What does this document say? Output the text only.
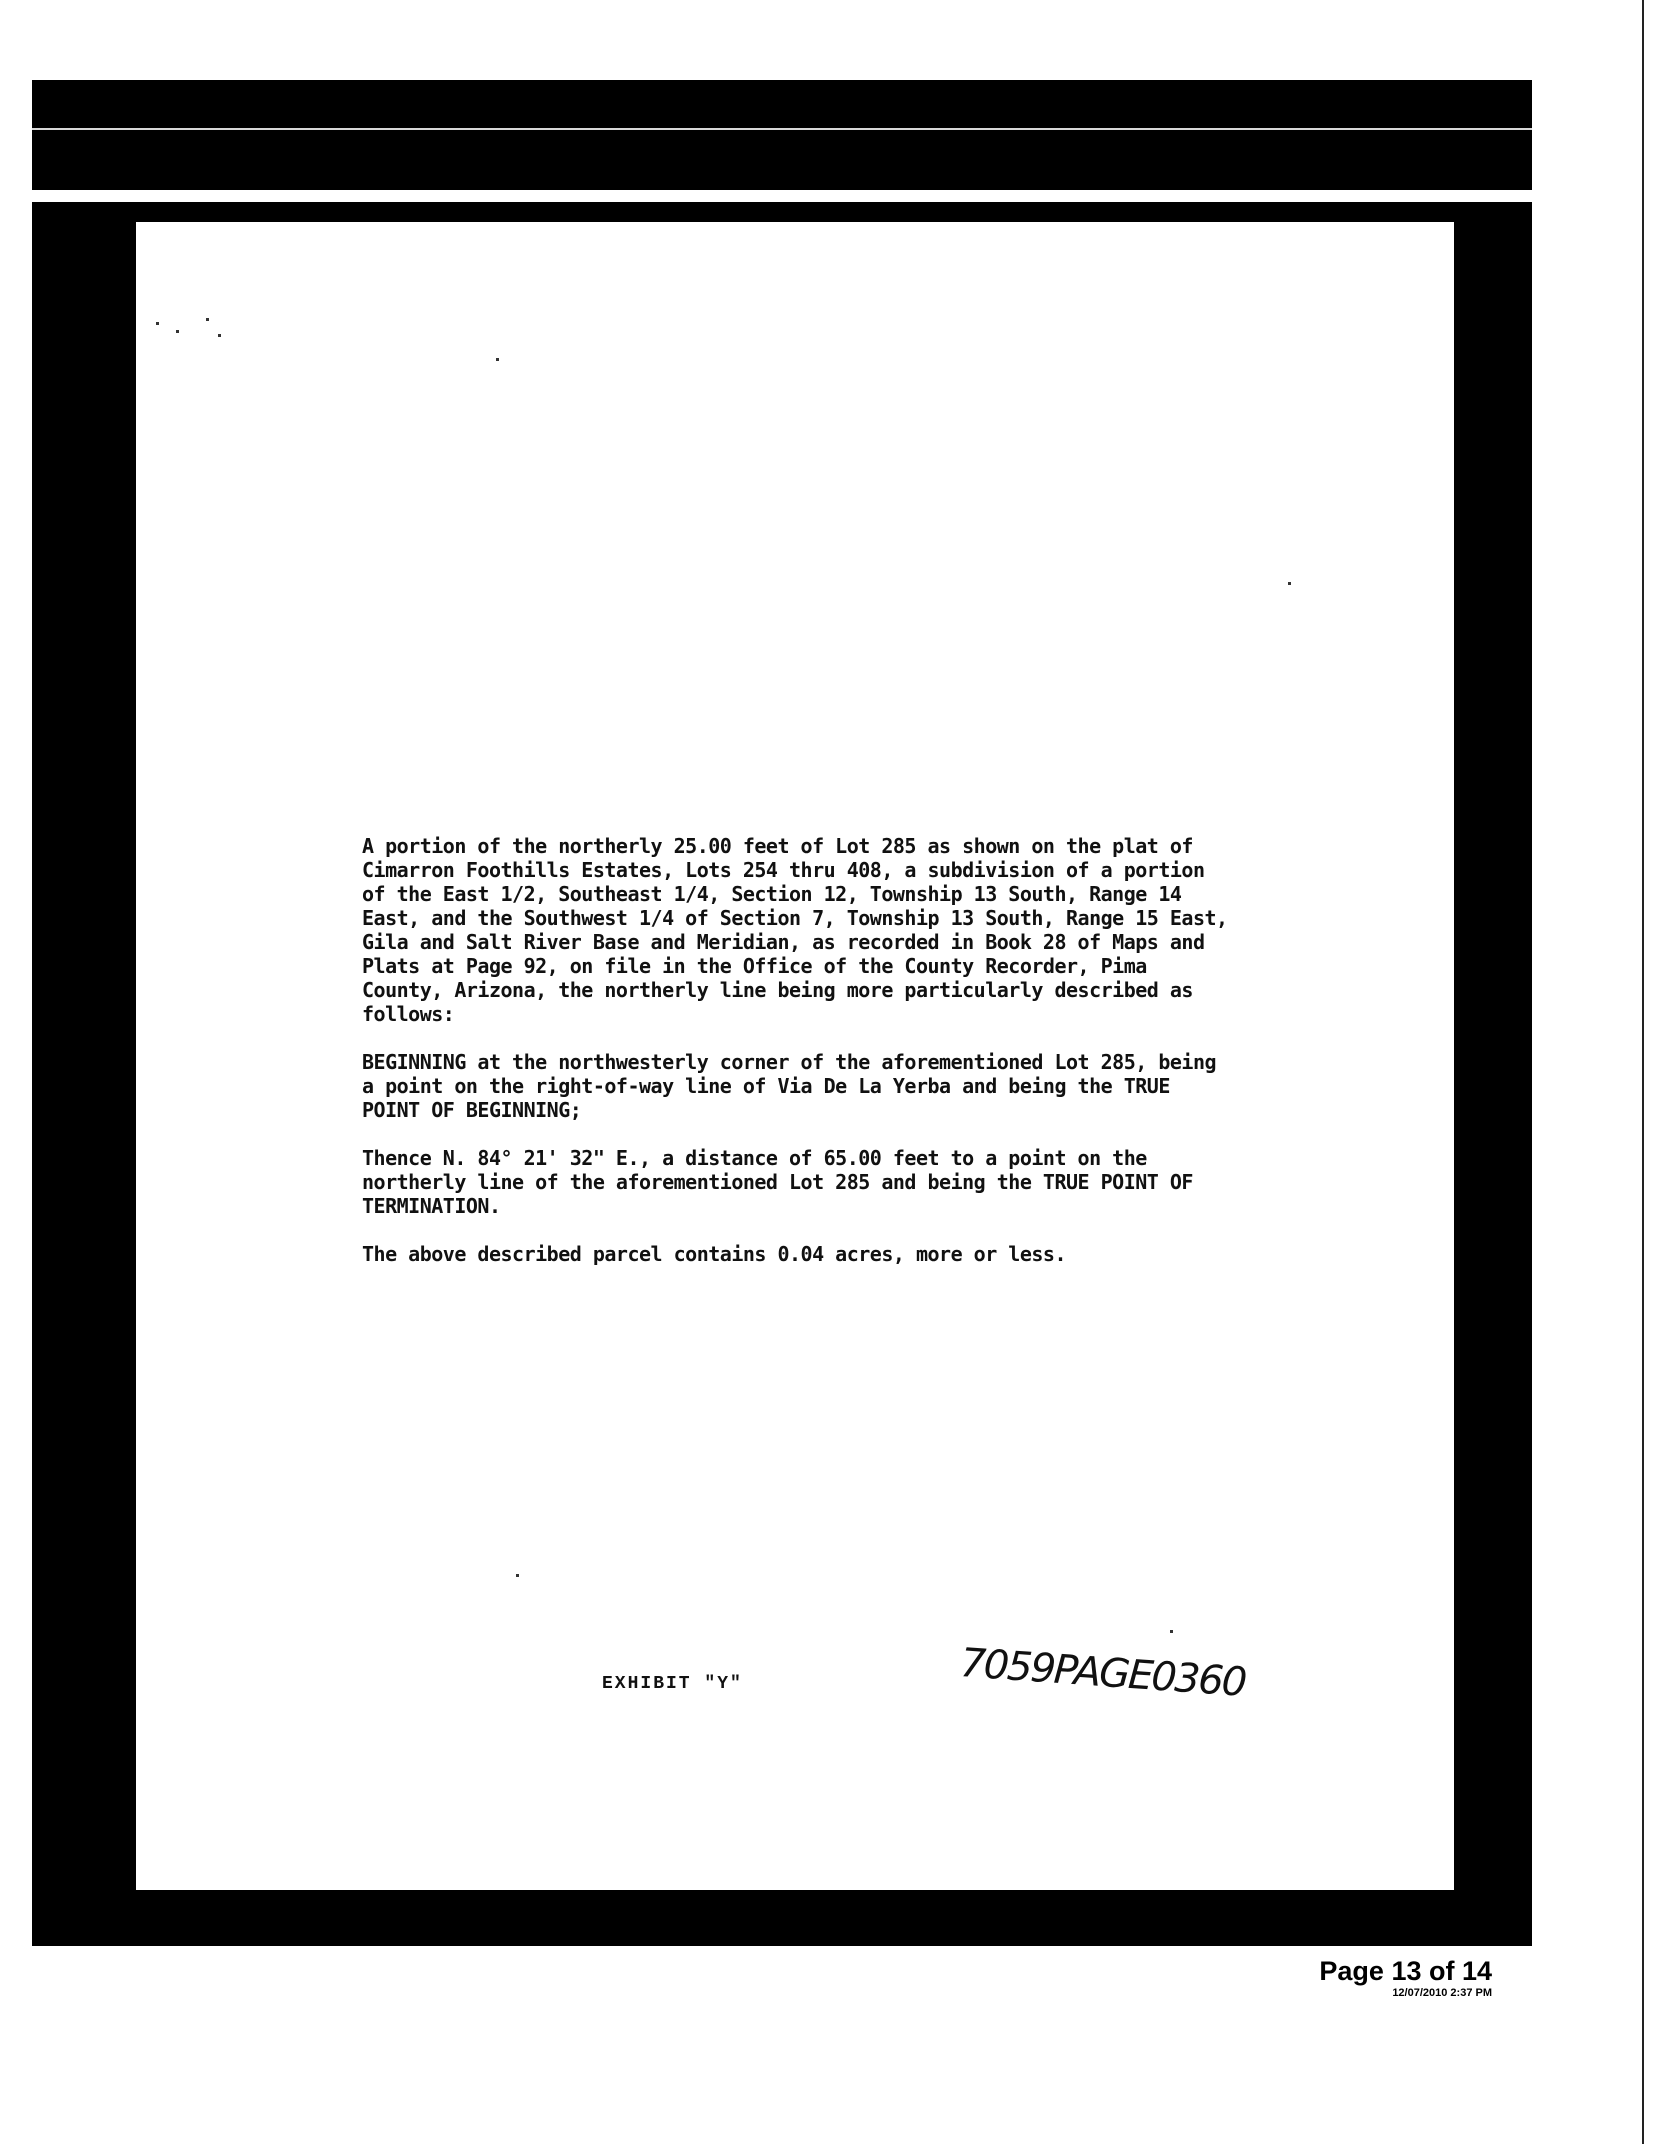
A portion of the northerly 25.00 feet of Lot 285 as shown on the plat of
Cimarron Foothills Estates, Lots 254 thru 408, a subdivision of a portion
of the East 1/2, Southeast 1/4, Section 12, Township 13 South, Range 14
East, and the Southwest 1/4 of Section 7, Township 13 South, Range 15 East,
Gila and Salt River Base and Meridian, as recorded in Book 28 of Maps and
Plats at Page 92, on file in the Office of the County Recorder, Pima
County, Arizona, the northerly line being more particularly described as
follows:

BEGINNING at the northwesterly corner of the aforementioned Lot 285, being
a point on the right-of-way line of Via De La Yerba and being the TRUE
POINT OF BEGINNING;

Thence N. 84° 21' 32" E., a distance of 65.00 feet to a point on the
northerly line of the aforementioned Lot 285 and being the TRUE POINT OF
TERMINATION.

The above described parcel contains 0.04 acres, more or less.

EXHIBIT "Y"	7059PAGE0360
Page 13 of 14
12/07/2010 2:37 PM
